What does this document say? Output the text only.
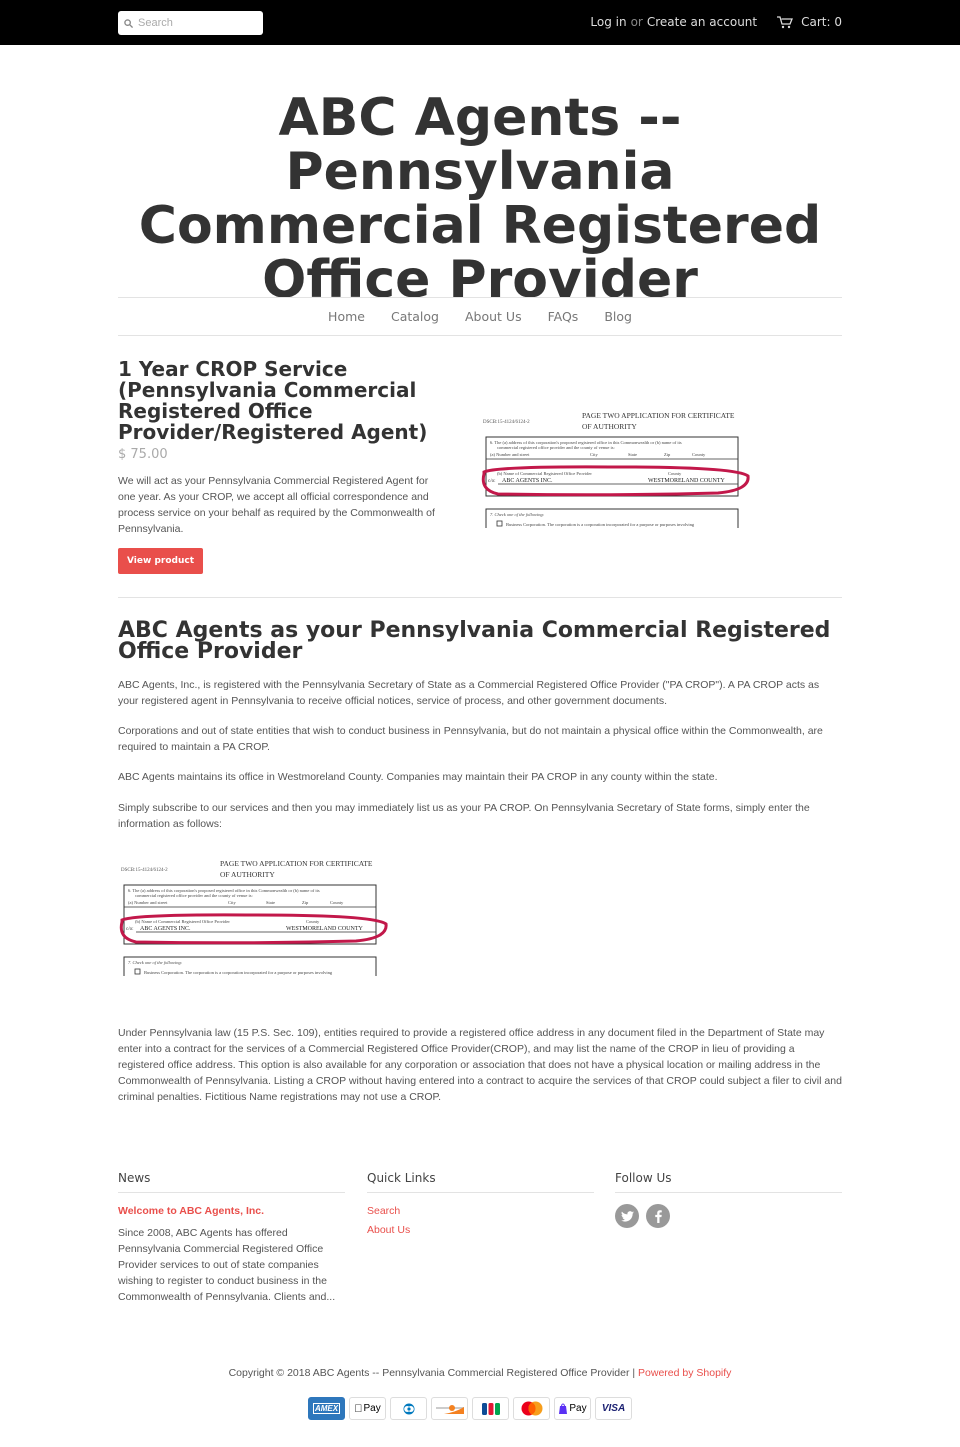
Search
Log in or Create an account	Cart: 0
ABC Agents -- Pennsylvania Commercial Registered Office Provider
Home Catalog About Us FAQs Blog
1 Year CROP Service (Pennsylvania Commercial Registered Office Provider/Registered Agent)
$ 75.00

We will act as your Pennsylvania Commercial Registered Agent for one year. As your CROP, we accept all official correspondence and process service on your behalf as required by the Commonwealth of Pennsylvania.

View product
DSCB:15-4124/6124-2
PAGE TWO APPLICATION FOR CERTIFICATE
OF AUTHORITY
6. The (a) address of this corporation's proposed registered office in this Commonwealth or (b) name of its
commercial registered office provider and the county of venue is:
(a) Number and street	City	State	Zip	County
(b) Name of Commercial Registered Office Provider	County
c/o: ABC AGENTS INC.	WESTMORELAND COUNTY
7. Check one of the following:
Business Corporation. The corporation is a corporation incorporated for a purpose or purposes involving
ABC Agents as your Pennsylvania Commercial Registered Office Provider

ABC Agents, Inc., is registered with the Pennsylvania Secretary of State as a Commercial Registered Office Provider ("PA CROP"). A PA CROP acts as your registered agent in Pennsylvania to receive official notices, service of process, and other government documents.

Corporations and out of state entities that wish to conduct business in Pennsylvania, but do not maintain a physical office within the Commonwealth, are required to maintain a PA CROP.

ABC Agents maintains its office in Westmoreland County. Companies may maintain their PA CROP in any county within the state.

Simply subscribe to our services and then you may immediately list us as your PA CROP. On Pennsylvania Secretary of State forms, simply enter the information as follows:

DSCB:15-4124/6124-2
PAGE TWO APPLICATION FOR CERTIFICATE
OF AUTHORITY
6. The (a) address of this corporation's proposed registered office in this Commonwealth or (b) name of its
commercial registered office provider and the county of venue is:
(a) Number and street	City	State	Zip	County
(b) Name of Commercial Registered Office Provider	County
c/o: ABC AGENTS INC.	WESTMORELAND COUNTY
7. Check one of the following:
Business Corporation. The corporation is a corporation incorporated for a purpose or purposes involving

Under Pennsylvania law (15 P.S. Sec. 109), entities required to provide a registered office address in any document filed in the Department of State may enter into a contract for the services of a Commercial Registered Office Provider(CROP), and may list the name of the CROP in lieu of providing a registered office address. This option is also available for any corporation or association that does not have a physical location or mailing address in the Commonwealth of Pennsylvania. Listing a CROP without having entered into a contract to acquire the services of that CROP could subject a filer to civil and criminal penalties. Fictitious Name registrations may not use a CROP.

News
Welcome to ABC Agents, Inc.

Since 2008, ABC Agents has offered Pennsylvania Commercial Registered Office Provider services to out of state companies wishing to register to conduct business in the Commonwealth of Pennsylvania. Clients and...

Quick Links
Search
About Us
Follow Us
Copyright © 2018 ABC Agents -- Pennsylvania Commercial Registered Office Provider | Powered by Shopify
AMEX Pay	Pay VISA
